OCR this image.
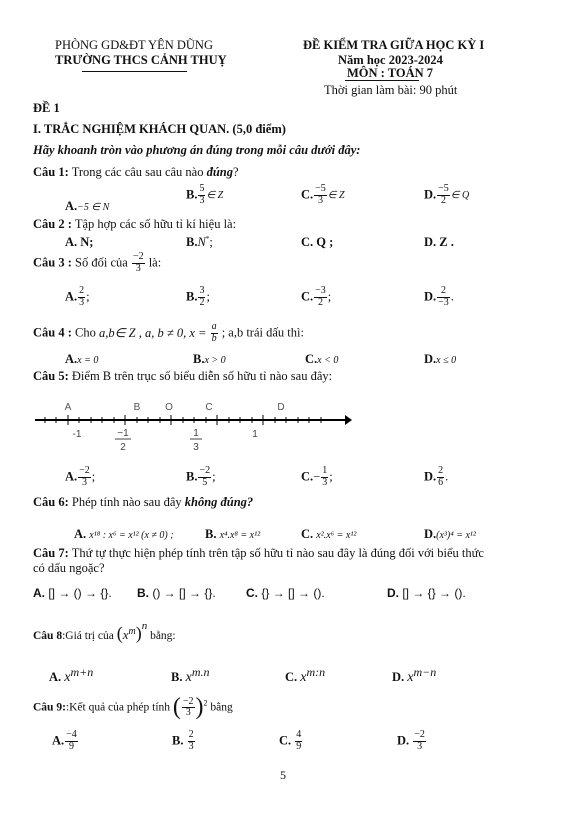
PHÒNG GD&ĐT YÊN DŨNG
TRƯỜNG THCS CẢNH THUỴ
ĐỀ KIỂM TRA GIỮA HỌC KỲ I
Năm học 2023-2024
MÔN : TOÁN 7
Thời gian làm bài: 90 phút
ĐỀ 1
I. TRẮC NGHIỆM KHÁCH QUAN. (5,0 điểm)
Hãy khoanh tròn vào phương án đúng trong mỗi câu dưới đây:
Câu 1: Trong các câu sau câu nào đúng?
A.−5 ∈ N
B. $\frac{5}{3}$ ∈ Z	C. $\frac{-5}{3}$ ∈ Z	D. $\frac{-5}{2}$ ∈ Q
Câu 2 : Tập hợp các số hữu tỉ kí hiệu là:
A. N;	B.N*;	C. Q ;	D. Z .
Câu 3 : Số đối của $\frac{-2}{3}$ là:
A. $\frac{2}{3}$ ;	B. $\frac{3}{2}$ ;	C. $\frac{-3}{2}$ ;	D. $\frac{2}{-3}$ .
Câu 4 : Cho a,b∈ Z , a, b ≠ 0, $x = \frac{a}{b}$ ; a,b trái dấu thì:
A.x = 0	B.x > 0	C.x < 0	D.x ≤ 0
Câu 5: Điểm B trên trục số biểu diễn số hữu tỉ nào sau đây:
A	B O	C	D
-1	1
−1
2
1
3
A. $\frac{-2}{3}$ ;	B. $\frac{-2}{5}$ ;	$C.- \frac{1}{3}$ ;	D. $\frac{2}{6}$ .
Câu 6: Phép tính nào sau đây không đúng?
A. x¹⁸ : x⁶ = x¹² (x ≠ 0) ;	B. x⁴.x⁸ = x¹²	C. x².x⁶ = x¹²	D.(x³)⁴ = x¹²
Câu 7: Thứ tự thực hiện phép tính trên tập số hữu tỉ nào sau đây là đúng đối với biểu thức
có dấu ngoặc?
A. [] → () → {}. B. () → [] → {}.	C. {} → [] → ().	D. [] → {} → ().
Câu 8:Giá trị của $(x^m)^n$ bằng:
A. $x^{m+n}$	B. $x^{m.n}$	C. $x^{m:n}$	D. $x^{m-n}$
Câu 9::Kết quả của phép tính ( $\frac{-2}{3} )^2$ bằng
A. $\frac{-4}{9}$	B. $\frac{2}{3}$	C. $\frac{4}{9}$	D. $\frac{-2}{3}$
5
